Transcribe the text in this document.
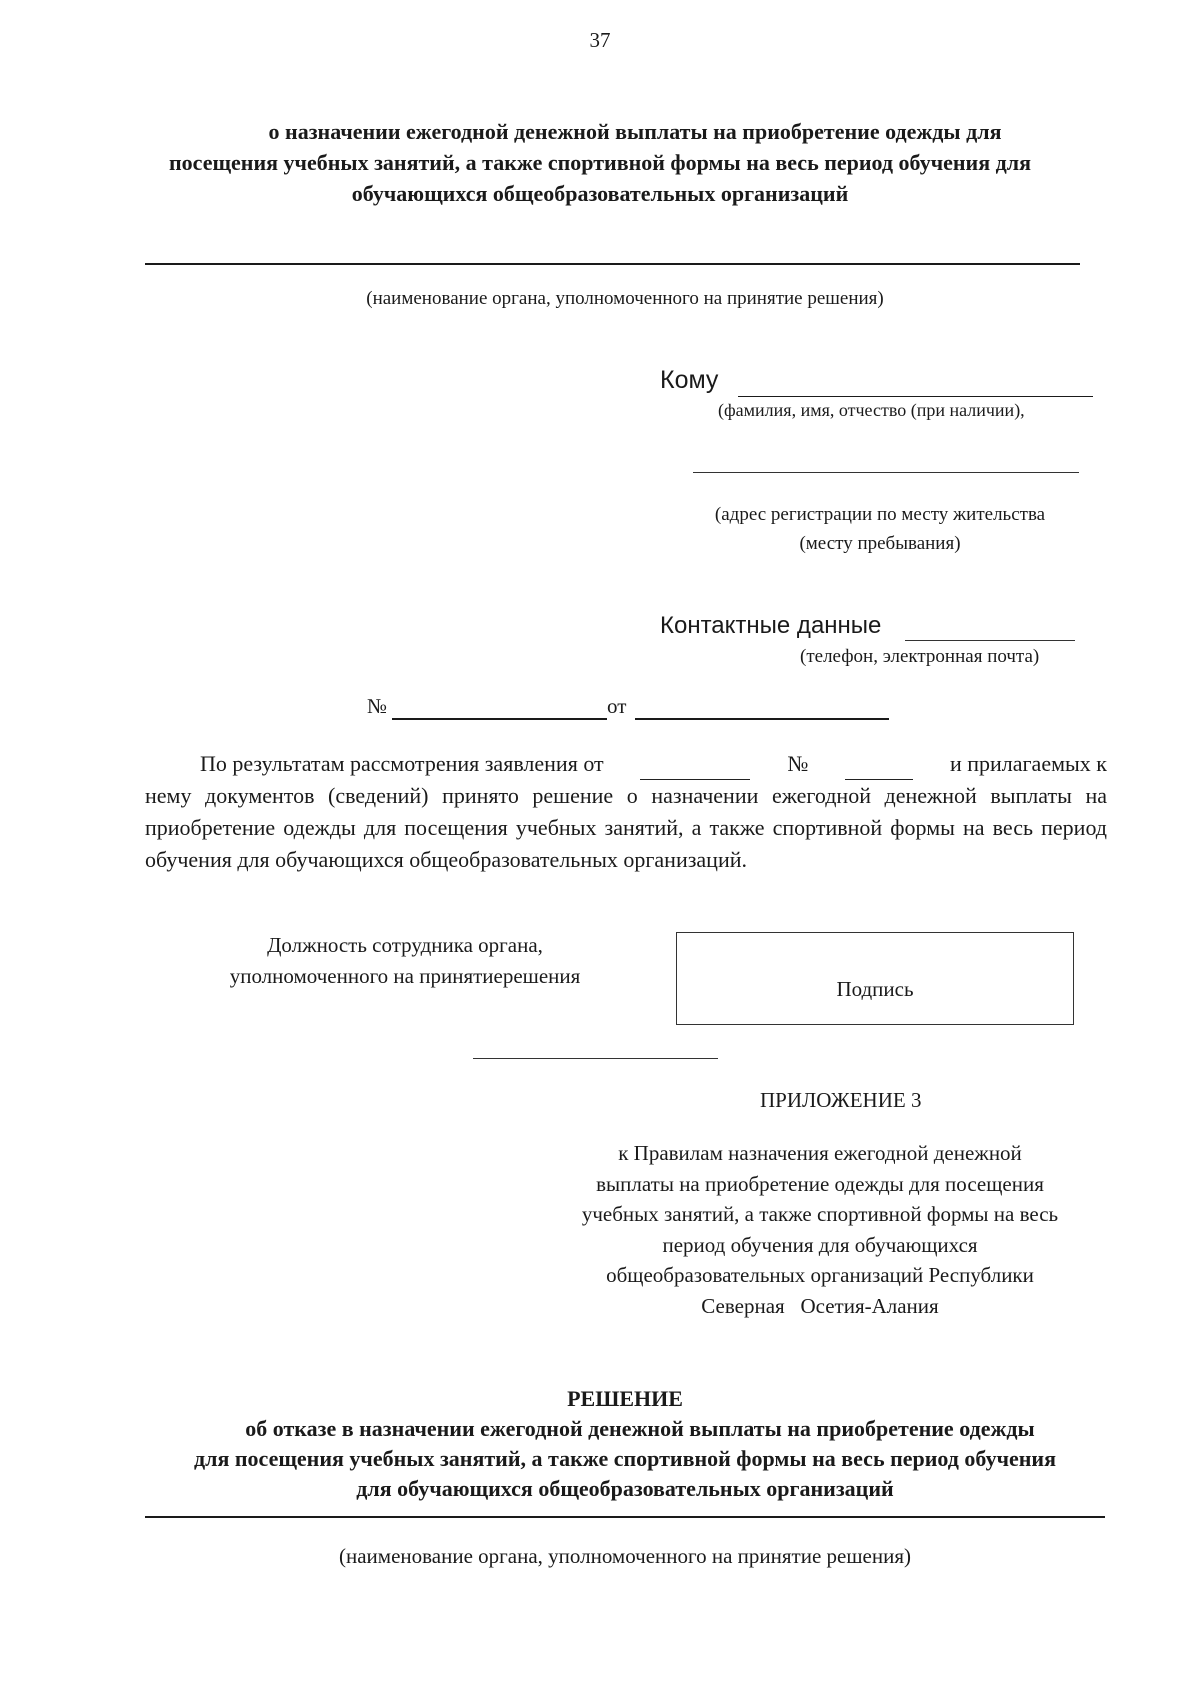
37
о назначении ежегодной денежной выплаты на приобретение одежды для
посещения учебных занятий, а также спортивной формы на весь период обучения для
обучающихся общеобразовательных организаций
(наименование органа, уполномоченного на принятие решения)
Кому
(фамилия, имя, отчество (при наличии),
(адрес регистрации по месту жительства
(месту пребывания)
Контактные данные
(телефон, электронная почта)
№	от
По результатам рассмотрения заявления от	№	и прилагаемых к
нему документов (сведений) принято решение о назначении ежегодной денежной выплаты на приобретение одежды для посещения учебных занятий, а также спортивной формы на весь период обучения для обучающихся общеобразовательных организаций.
Должность сотрудника органа,
уполномоченного на принятиерешения
Подпись
ПРИЛОЖЕНИЕ 3
к Правилам назначения ежегодной денежной
выплаты на приобретение одежды для посещения
учебных занятий, а также спортивной формы на весь
период обучения для обучающихся
общеобразовательных организаций Республики
Северная   Осетия-Алания
РЕШЕНИЕ
об отказе в назначении ежегодной денежной выплаты на приобретение одежды
для посещения учебных занятий, а также спортивной формы на весь период обучения
для обучающихся общеобразовательных организаций
(наименование органа, уполномоченного на принятие решения)
